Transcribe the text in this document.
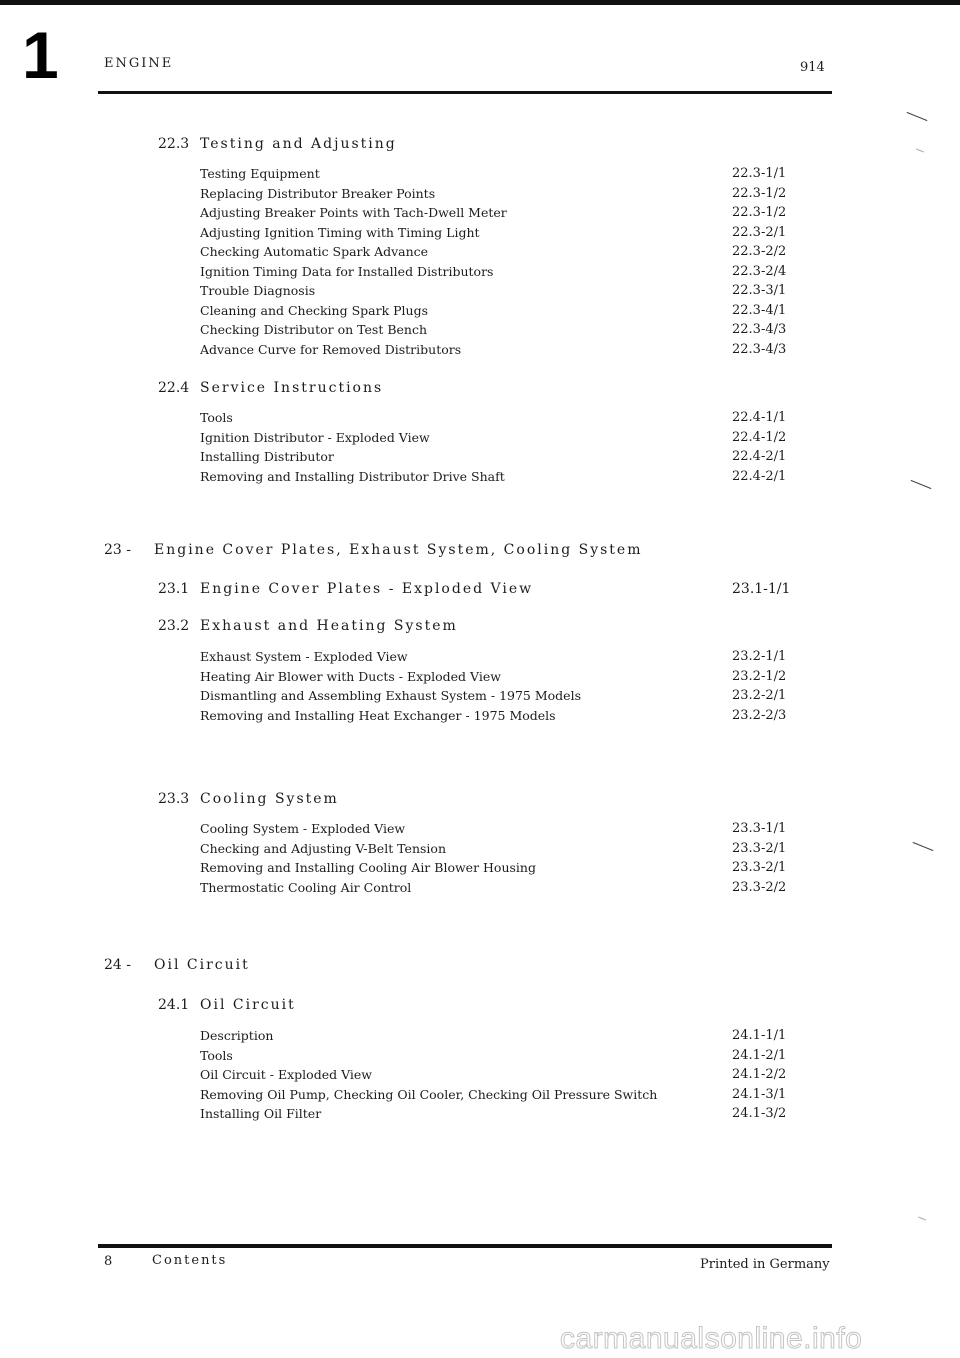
1	ENGINE	914
22.3 Testing and Adjusting
Testing Equipment	22.3-1/1
Replacing Distributor Breaker Points	22.3-1/2
Adjusting Breaker Points with Tach-Dwell Meter	22.3-1/2
Adjusting Ignition Timing with Timing Light	22.3-2/1
Checking Automatic Spark Advance	22.3-2/2
Ignition Timing Data for Installed Distributors	22.3-2/4
Trouble Diagnosis	22.3-3/1
Cleaning and Checking Spark Plugs	22.3-4/1
Checking Distributor on Test Bench	22.3-4/3
Advance Curve for Removed Distributors	22.3-4/3
22.4 Service Instructions
Tools	22.4-1/1
Ignition Distributor - Exploded View	22.4-1/2
Installing Distributor	22.4-2/1
Removing and Installing Distributor Drive Shaft	22.4-2/1
23 - Engine Cover Plates, Exhaust System, Cooling System
23.1 Engine Cover Plates - Exploded View	23.1-1/1
23.2 Exhaust and Heating System
Exhaust System - Exploded View	23.2-1/1
Heating Air Blower with Ducts - Exploded View	23.2-1/2
Dismantling and Assembling Exhaust System - 1975 Models	23.2-2/1
Removing and Installing Heat Exchanger - 1975 Models	23.2-2/3
23.3 Cooling System
Cooling System - Exploded View	23.3-1/1
Checking and Adjusting V-Belt Tension	23.3-2/1
Removing and Installing Cooling Air Blower Housing	23.3-2/1
Thermostatic Cooling Air Control	23.3-2/2
24 - Oil Circuit
24.1 Oil Circuit
Description	24.1-1/1
Tools	24.1-2/1
Oil Circuit - Exploded View	24.1-2/2
Removing Oil Pump, Checking Oil Cooler, Checking Oil Pressure Switch	24.1-3/1
Installing Oil Filter	24.1-3/2
8	Contents	Printed in Germany
carmanualsonline.info
